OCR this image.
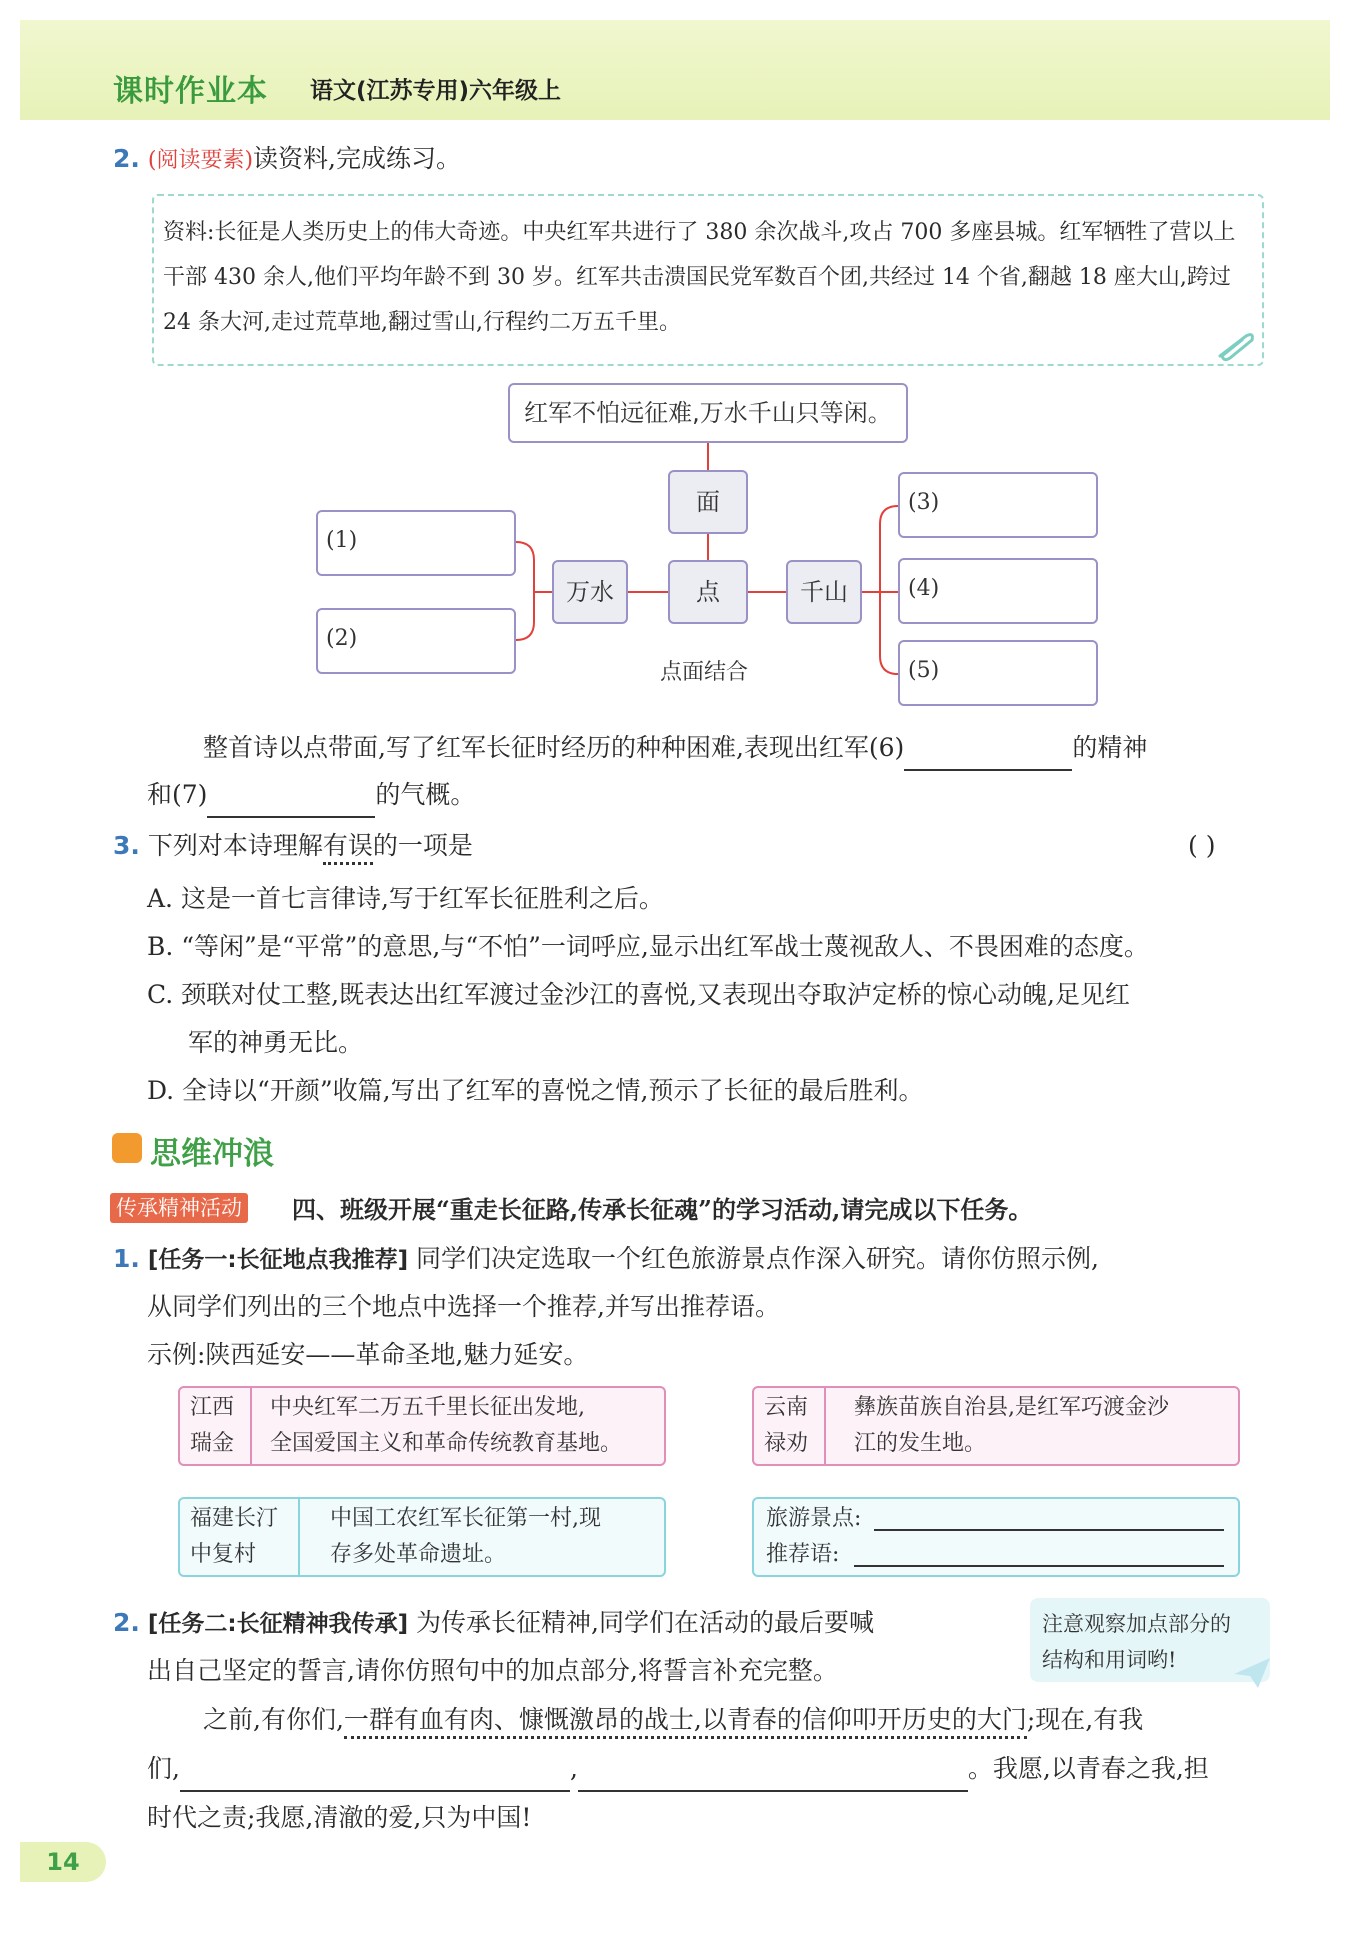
课时作业本 语文(江苏专用)六年级上
2. (阅读要素)读资料,完成练习。
资料:长征是人类历史上的伟大奇迹。中央红军共进行了 380 余次战斗,攻占 700 多座县城。红军牺牲了营以上干部 430 余人,他们平均年龄不到 30 岁。红军共击溃国民党军数百个团,共经过 14 个省,翻越 18 座大山,跨过 24 条大河,走过荒草地,翻过雪山,行程约二万五千里。
红军不怕远征难,万水千山只等闲。
面
点
万水	千山
点面结合
(1)
(2)
(3)
(4)
(5)
整首诗以点带面,写了红军长征时经历的种种困难,表现出红军(6)	的精神
和(7)	的气概。
3. 下列对本诗理解有误的一项是	( )
A. 这是一首七言律诗,写于红军长征胜利之后。
B. “等闲”是“平常”的意思,与“不怕”一词呼应,显示出红军战士蔑视敌人、不畏困难的态度。
C. 颈联对仗工整,既表达出红军渡过金沙江的喜悦,又表现出夺取泸定桥的惊心动魄,足见红
军的神勇无比。
D. 全诗以“开颜”收篇,写出了红军的喜悦之情,预示了长征的最后胜利。
思维冲浪
传承精神活动 四、班级开展“重走长征路,传承长征魂”的学习活动,请完成以下任务。
1. [任务一:长征地点我推荐] 同学们决定选取一个红色旅游景点作深入研究。请你仿照示例,
从同学们列出的三个地点中选择一个推荐,并写出推荐语。
示例:陕西延安——革命圣地,魅力延安。
江西
瑞金
中央红军二万五千里长征出发地,
全国爱国主义和革命传统教育基地。
云南
禄劝
彝族苗族自治县,是红军巧渡金沙
江的发生地。
福建长汀
中复村
中国工农红军长征第一村,现
存多处革命遗址。
旅游景点:
推荐语:
2. [任务二:长征精神我传承] 为传承长征精神,同学们在活动的最后要喊
出自己坚定的誓言,请你仿照句中的加点部分,将誓言补充完整。
注意观察加点部分的
结构和用词哟!
之前,有你们,一群有血有肉、慷慨激昂的战士,以青春的信仰叩开历史的大门;现在,有我
们,	,	。我愿,以青春之我,担
时代之责;我愿,清澈的爱,只为中国!
14
